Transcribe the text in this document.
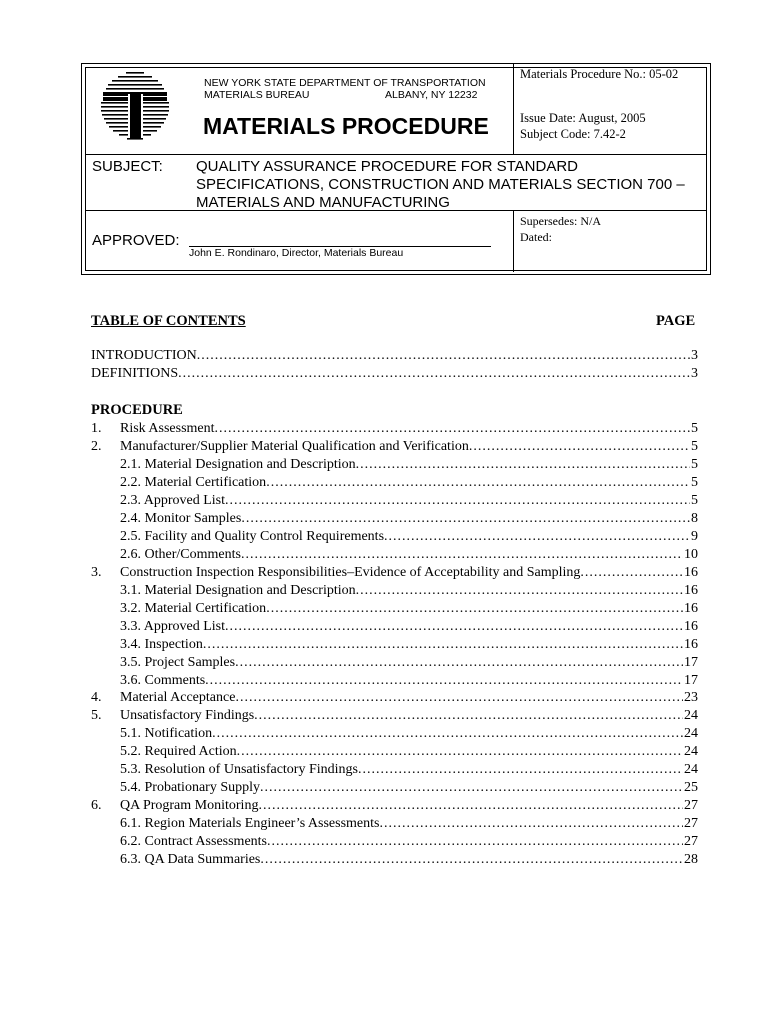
NEW YORK STATE DEPARTMENT OF TRANSPORTATION
MATERIALS BUREAU	ALBANY, NY 12232
MATERIALS PROCEDURE
Materials Procedure No.: 05-02
Issue Date: August, 2005
Subject Code: 7.42-2
SUBJECT: QUALITY ASSURANCE PROCEDURE FOR STANDARD
SPECIFICATIONS, CONSTRUCTION AND MATERIALS SECTION 700 –
MATERIALS AND MANUFACTURING
APPROVED:
John E. Rondinaro, Director, Materials Bureau
Supersedes: N/A
Dated:
TABLE OF CONTENTS	PAGE
PROCEDURE
INTRODUCTION .....	3
DEFINITIONS .....	3
1. Risk Assessment .....	5
2. Manufacturer/Supplier Material Qualification and Verification .....	5
2.1. Material Designation and Description .....	5
2.2. Material Certification .....	5
2.3. Approved List .....	5
2.4. Monitor Samples .....	8
2.5. Facility and Quality Control Requirements .....	9
2.6. Other/Comments .....	10
3. Construction Inspection Responsibilities–Evidence of Acceptability and Sampling .....	16
3.1. Material Designation and Description .....	16
3.2. Material Certification .....	16
3.3. Approved List .....	16
3.4. Inspection .....	16
3.5. Project Samples .....	17
3.6. Comments .....	17
4. Material Acceptance .....	23
5. Unsatisfactory Findings .....	24
5.1. Notification .....	24
5.2. Required Action .....	24
5.3. Resolution of Unsatisfactory Findings .....	24
5.4. Probationary Supply .....	25
6. QA Program Monitoring .....	27
6.1. Region Materials Engineer’s Assessments .....	27
6.2. Contract Assessments .....	27
6.3. QA Data Summaries .....	28
